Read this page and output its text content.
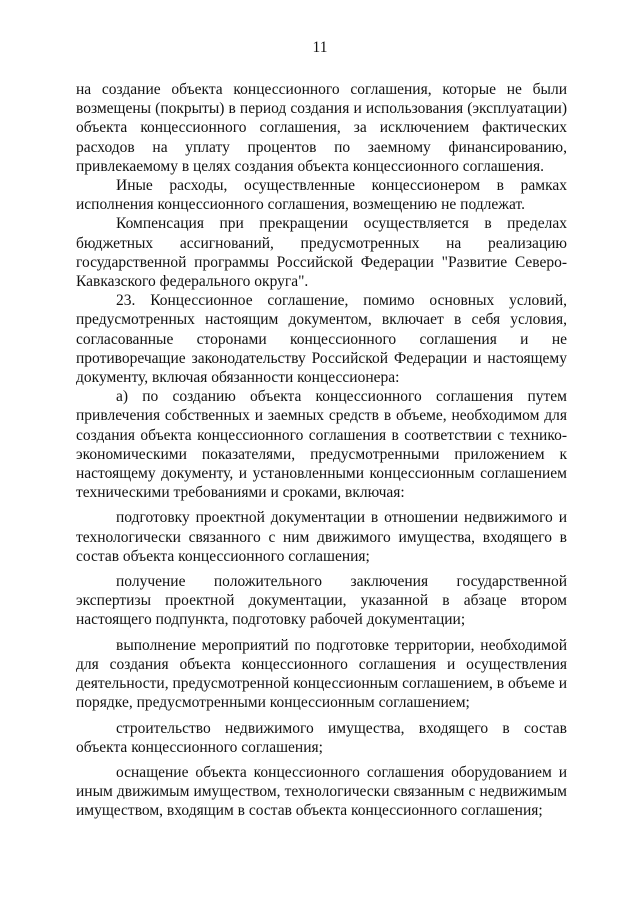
11

на создание объекта концессионного соглашения, которые не были возмещены (покрыты) в период создания и использования (эксплуатации) объекта концессионного соглашения, за исключением фактических расходов на уплату процентов по заемному финансированию, привлекаемому в целях создания объекта концессионного соглашения.

Иные расходы, осуществленные концессионером в рамках исполнения концессионного соглашения, возмещению не подлежат.

Компенсация при прекращении осуществляется в пределах бюджетных ассигнований, предусмотренных на реализацию государственной программы Российской Федерации "Развитие Северо-Кавказского федерального округа".

23. Концессионное соглашение, помимо основных условий, предусмотренных настоящим документом, включает в себя условия, согласованные сторонами концессионного соглашения и не противоречащие законодательству Российской Федерации и настоящему документу, включая обязанности концессионера:

а) по созданию объекта концессионного соглашения путем привлечения собственных и заемных средств в объеме, необходимом для создания объекта концессионного соглашения в соответствии с технико-экономическими показателями, предусмотренными приложением к настоящему документу, и установленными концессионным соглашением техническими требованиями и сроками, включая:

подготовку проектной документации в отношении недвижимого и технологически связанного с ним движимого имущества, входящего в состав объекта концессионного соглашения;

получение положительного заключения государственной экспертизы проектной документации, указанной в абзаце втором настоящего подпункта, подготовку рабочей документации;

выполнение мероприятий по подготовке территории, необходимой для создания объекта концессионного соглашения и осуществления деятельности, предусмотренной концессионным соглашением, в объеме и порядке, предусмотренными концессионным соглашением;

строительство недвижимого имущества, входящего в состав объекта концессионного соглашения;

оснащение объекта концессионного соглашения оборудованием и иным движимым имуществом, технологически связанным с недвижимым имуществом, входящим в состав объекта концессионного соглашения;
